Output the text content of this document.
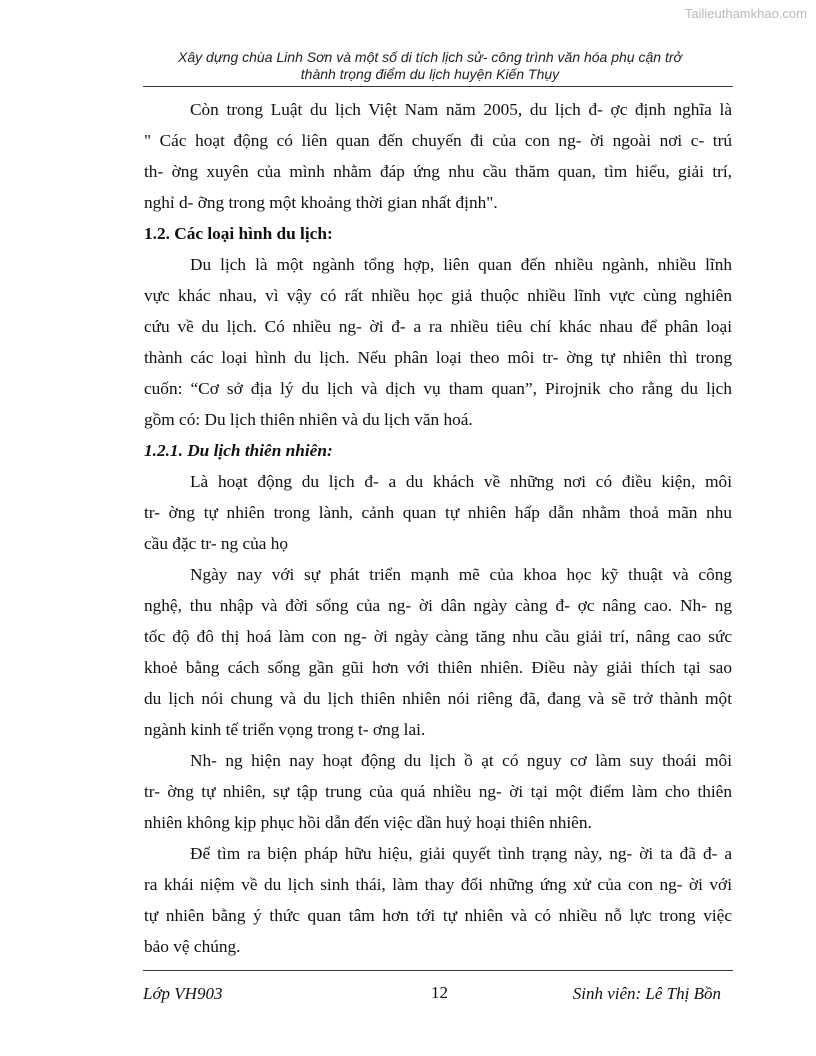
Tailieuthamkhao.com
Xây dựng chùa Linh Sơn và một số di tích lịch sử- công trình văn hóa phụ cận trở
thành trọng điểm du lịch huyện Kiến Thụy
Còn trong Luật du lịch Việt Nam năm 2005, du lịch đ- ợc định nghĩa là
" Các hoạt động có liên quan đến chuyến đi của con ng- ời ngoài nơi c- trú
th- ờng xuyên của mình nhằm đáp ứng nhu cầu thăm quan, tìm hiểu, giải trí,
nghỉ d- ỡng trong một khoảng thời gian nhất định".
1.2. Các loại hình du lịch:
Du lịch là một ngành tổng hợp, liên quan đến nhiều ngành, nhiều lĩnh
vực khác nhau, vì vậy có rất nhiều học giả thuộc nhiều lĩnh vực cùng nghiên
cứu về du lịch. Có nhiều ng- ời đ- a ra nhiều tiêu chí khác nhau để phân loại
thành các loại hình du lịch. Nếu phân loại theo môi tr- ờng tự nhiên thì trong
cuốn: “Cơ sở địa lý du lịch và dịch vụ tham quan”, Pirojnik cho rằng du lịch
gồm có: Du lịch thiên nhiên và du lịch văn hoá.
1.2.1. Du lịch thiên nhiên:
Là hoạt động du lịch đ- a du khách về những nơi có điều kiện, môi
tr- ờng tự nhiên trong lành, cảnh quan tự nhiên hấp dẫn nhằm thoả mãn nhu
cầu đặc tr- ng của họ
Ngày nay với sự phát triển mạnh mẽ của khoa học kỹ thuật và công
nghệ, thu nhập và đời sống của ng- ời dân ngày càng đ- ợc nâng cao. Nh- ng
tốc độ đô thị hoá làm con ng- ời ngày càng tăng nhu cầu giải trí, nâng cao sức
khoẻ bằng cách sống gần gũi hơn với thiên nhiên. Điều này giải thích tại sao
du lịch nói chung và du lịch thiên nhiên nói riêng đã, đang và sẽ trở thành một
ngành kinh tế triển vọng trong t- ơng lai.
Nh- ng hiện nay hoạt động du lịch ồ ạt có nguy cơ làm suy thoái môi
tr- ờng tự nhiên, sự tập trung của quá nhiều ng- ời tại một điểm làm cho thiên
nhiên không kịp phục hồi dẫn đến việc dần huỷ hoại thiên nhiên.
Để tìm ra biện pháp hữu hiệu, giải quyết tình trạng này, ng- ời ta đã đ- a
ra khái niệm về du lịch sinh thái, làm thay đổi những ứng xử của con ng- ời với
tự nhiên bằng ý thức quan tâm hơn tới tự nhiên và có nhiều nỗ lực trong việc
bảo vệ chúng.
Lớp VH903	12	Sinh viên: Lê Thị Bồn
